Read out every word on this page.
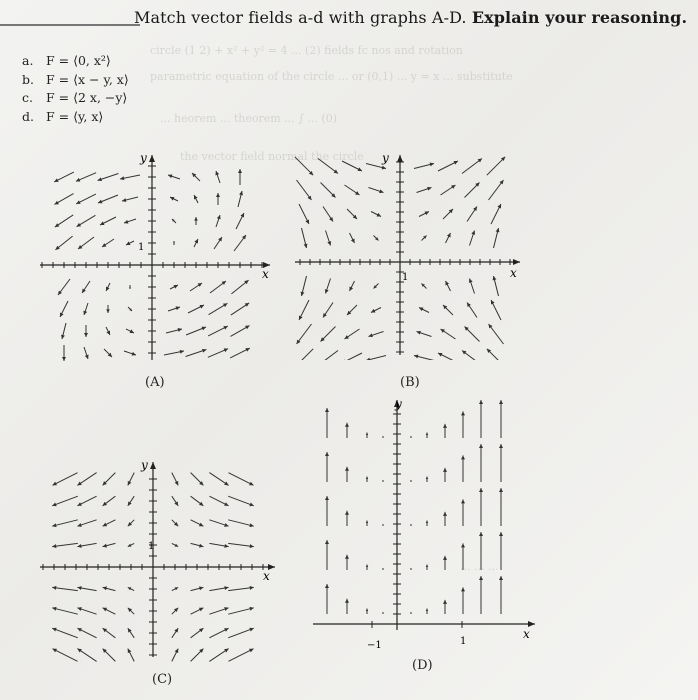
circle (1 2) + x² + y² = 4 ... (2) fields fc nos and rotation
parametric equation of the circle ... or (0,1) ... y = x ... substitute
... heorem ... theorem ... ∫ ... (0)
the vector field normal the circle
... ... ...
Match vector fields a-d with graphs A-D. Explain your reasoning.
a. F = ⟨0, x²⟩
b. F = ⟨x − y, x⟩
c. F = ⟨2 x, −y⟩
d. F = ⟨y, x⟩
x
y
1
(A)
x
y
1
(B)
x
y
1
(C)
x
y
1
−1
(D)
